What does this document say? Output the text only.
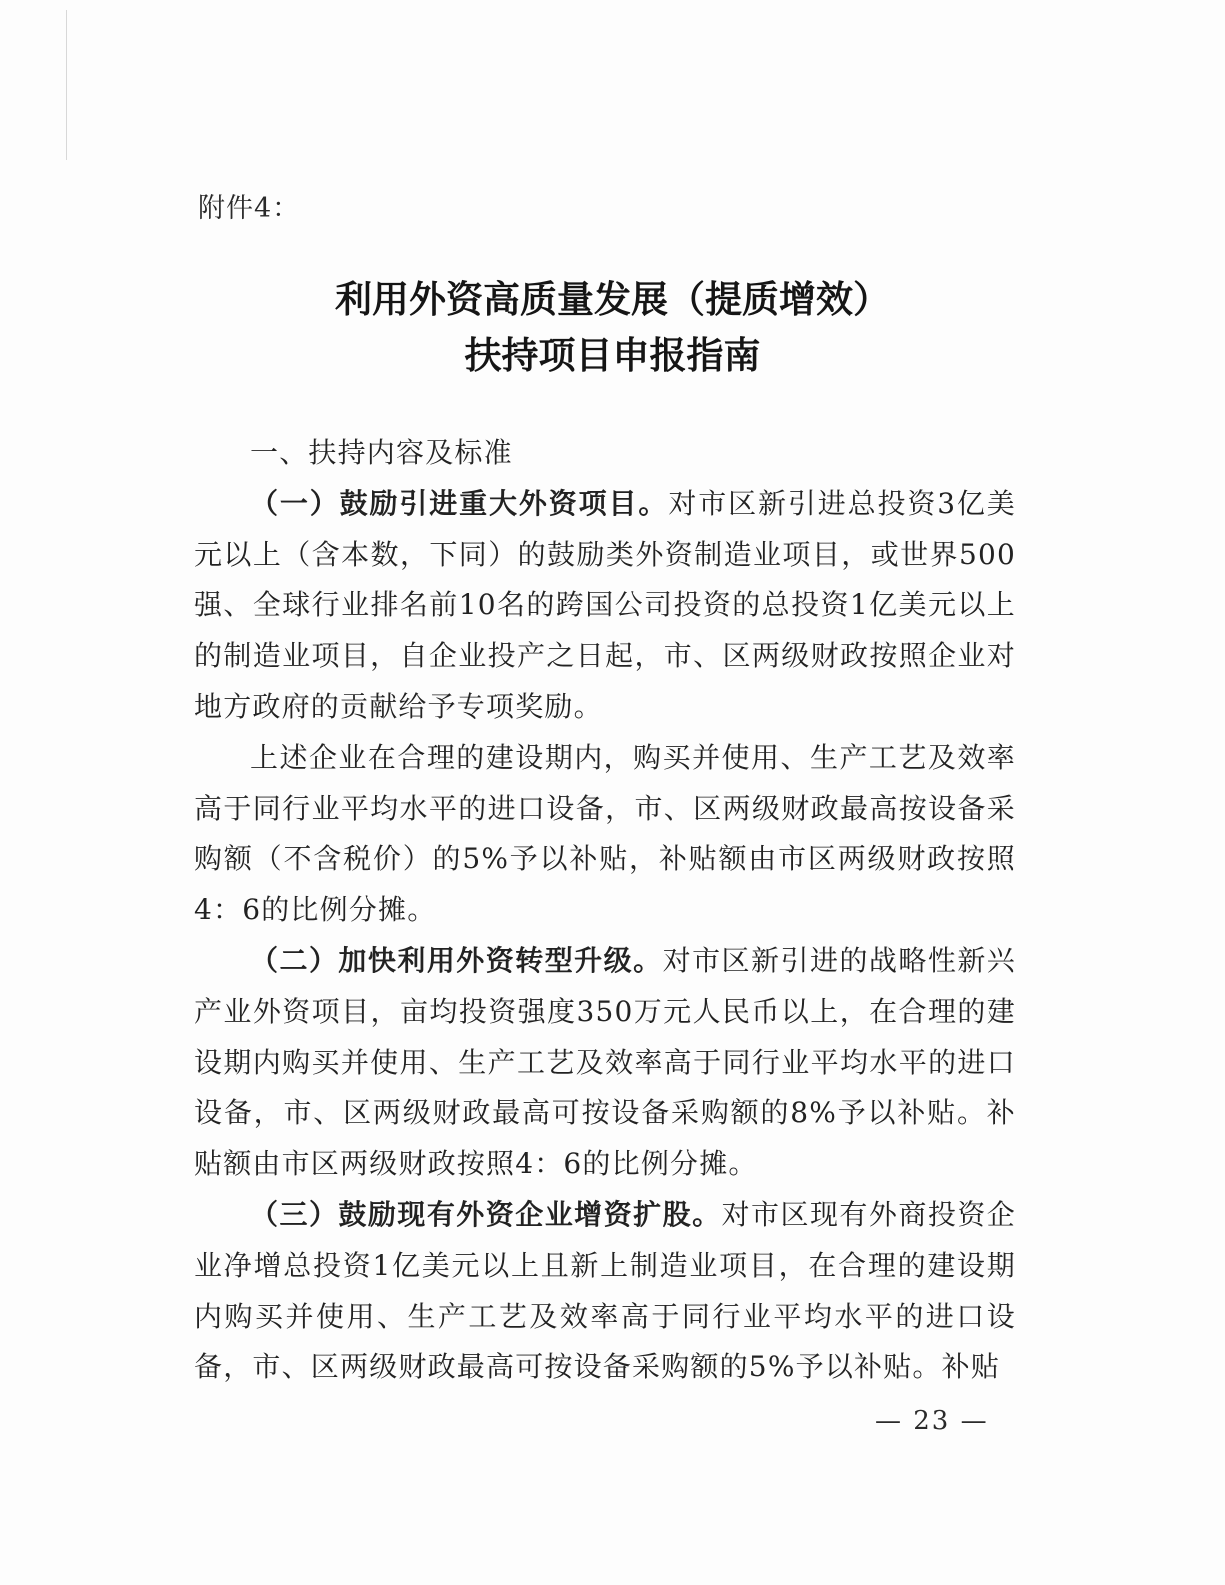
附件4：
利用外资高质量发展（提质增效）
扶持项目申报指南

一、扶持内容及标准

（一）鼓励引进重大外资项目。对市区新引进总投资3亿美元以上（含本数，下同）的鼓励类外资制造业项目，或世界500强、全球行业排名前10名的跨国公司投资的总投资1亿美元以上的制造业项目，自企业投产之日起，市、区两级财政按照企业对地方政府的贡献给予专项奖励。

上述企业在合理的建设期内，购买并使用、生产工艺及效率高于同行业平均水平的进口设备，市、区两级财政最高按设备采购额（不含税价）的5%予以补贴，补贴额由市区两级财政按照4：6的比例分摊。

（二）加快利用外资转型升级。对市区新引进的战略性新兴产业外资项目，亩均投资强度350万元人民币以上，在合理的建设期内购买并使用、生产工艺及效率高于同行业平均水平的进口设备，市、区两级财政最高可按设备采购额的8%予以补贴。补贴额由市区两级财政按照4：6的比例分摊。

（三）鼓励现有外资企业增资扩股。对市区现有外商投资企业净增总投资1亿美元以上且新上制造业项目，在合理的建设期内购买并使用、生产工艺及效率高于同行业平均水平的进口设备，市、区两级财政最高可按设备采购额的5%予以补贴。补贴

— 23 —
